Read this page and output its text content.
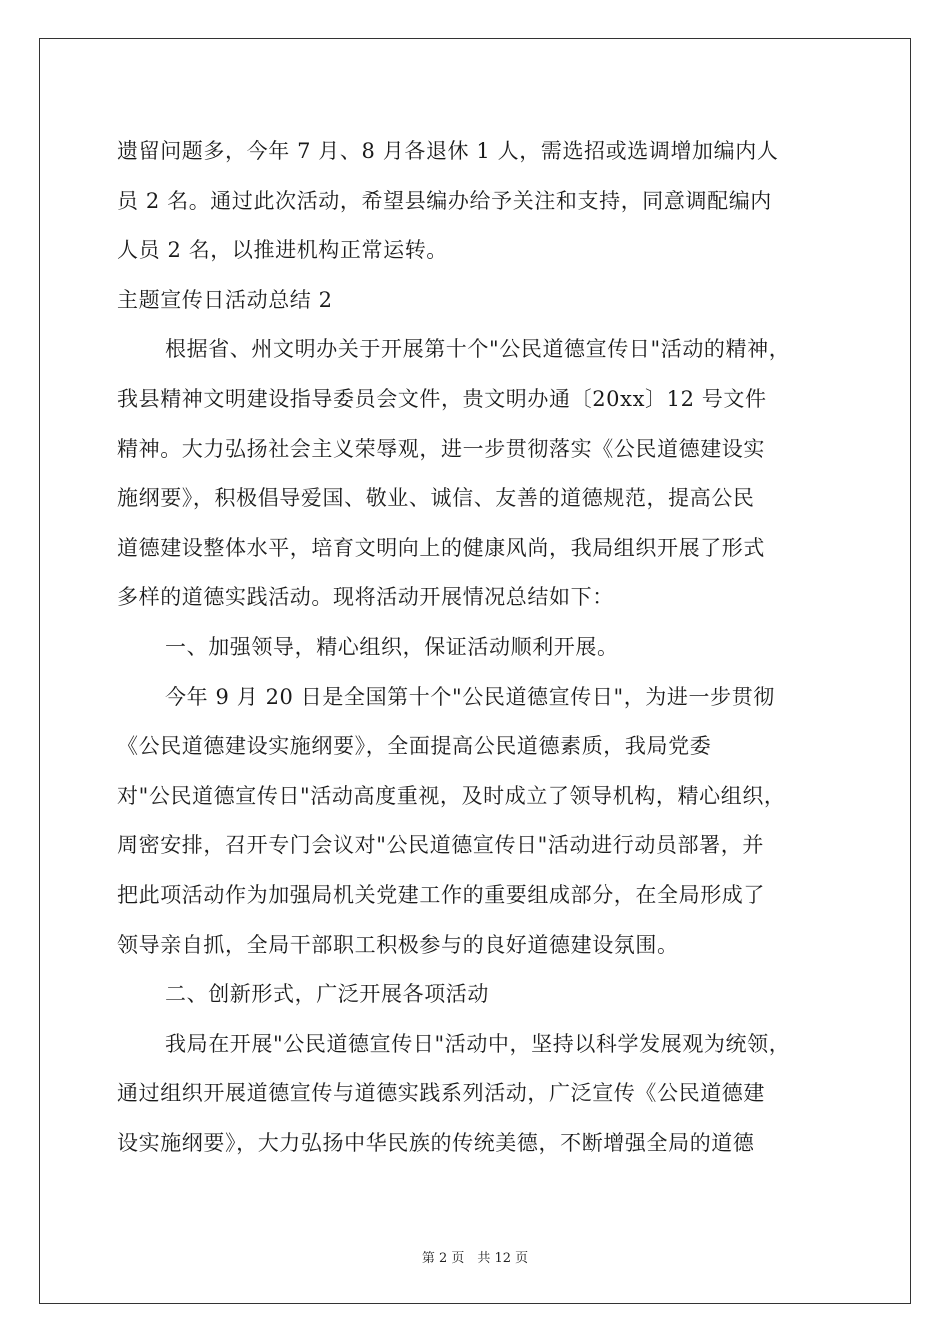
遗留问题多，今年 7 月、8 月各退休 1 人，需选招或选调增加编内人
员 2 名。通过此次活动，希望县编办给予关注和支持，同意调配编内
人员 2 名，以推进机构正常运转。
主题宣传日活动总结 2
根据省、州文明办关于开展第十个"公民道德宣传日"活动的精神，
我县精神文明建设指导委员会文件，贵文明办通〔20xx〕12 号文件
精神。大力弘扬社会主义荣辱观，进一步贯彻落实《公民道德建设实
施纲要》，积极倡导爱国、敬业、诚信、友善的道德规范，提高公民
道德建设整体水平，培育文明向上的健康风尚，我局组织开展了形式
多样的道德实践活动。现将活动开展情况总结如下：
一、加强领导，精心组织，保证活动顺利开展。
今年 9 月 20 日是全国第十个"公民道德宣传日"，为进一步贯彻
《公民道德建设实施纲要》，全面提高公民道德素质，我局党委
对"公民道德宣传日"活动高度重视，及时成立了领导机构，精心组织，
周密安排，召开专门会议对"公民道德宣传日"活动进行动员部署，并
把此项活动作为加强局机关党建工作的重要组成部分，在全局形成了
领导亲自抓，全局干部职工积极参与的良好道德建设氛围。
二、创新形式，广泛开展各项活动
我局在开展"公民道德宣传日"活动中，坚持以科学发展观为统领，
通过组织开展道德宣传与道德实践系列活动，广泛宣传《公民道德建
设实施纲要》，大力弘扬中华民族的传统美德，不断增强全局的道德
第 2 页　共 12 页
